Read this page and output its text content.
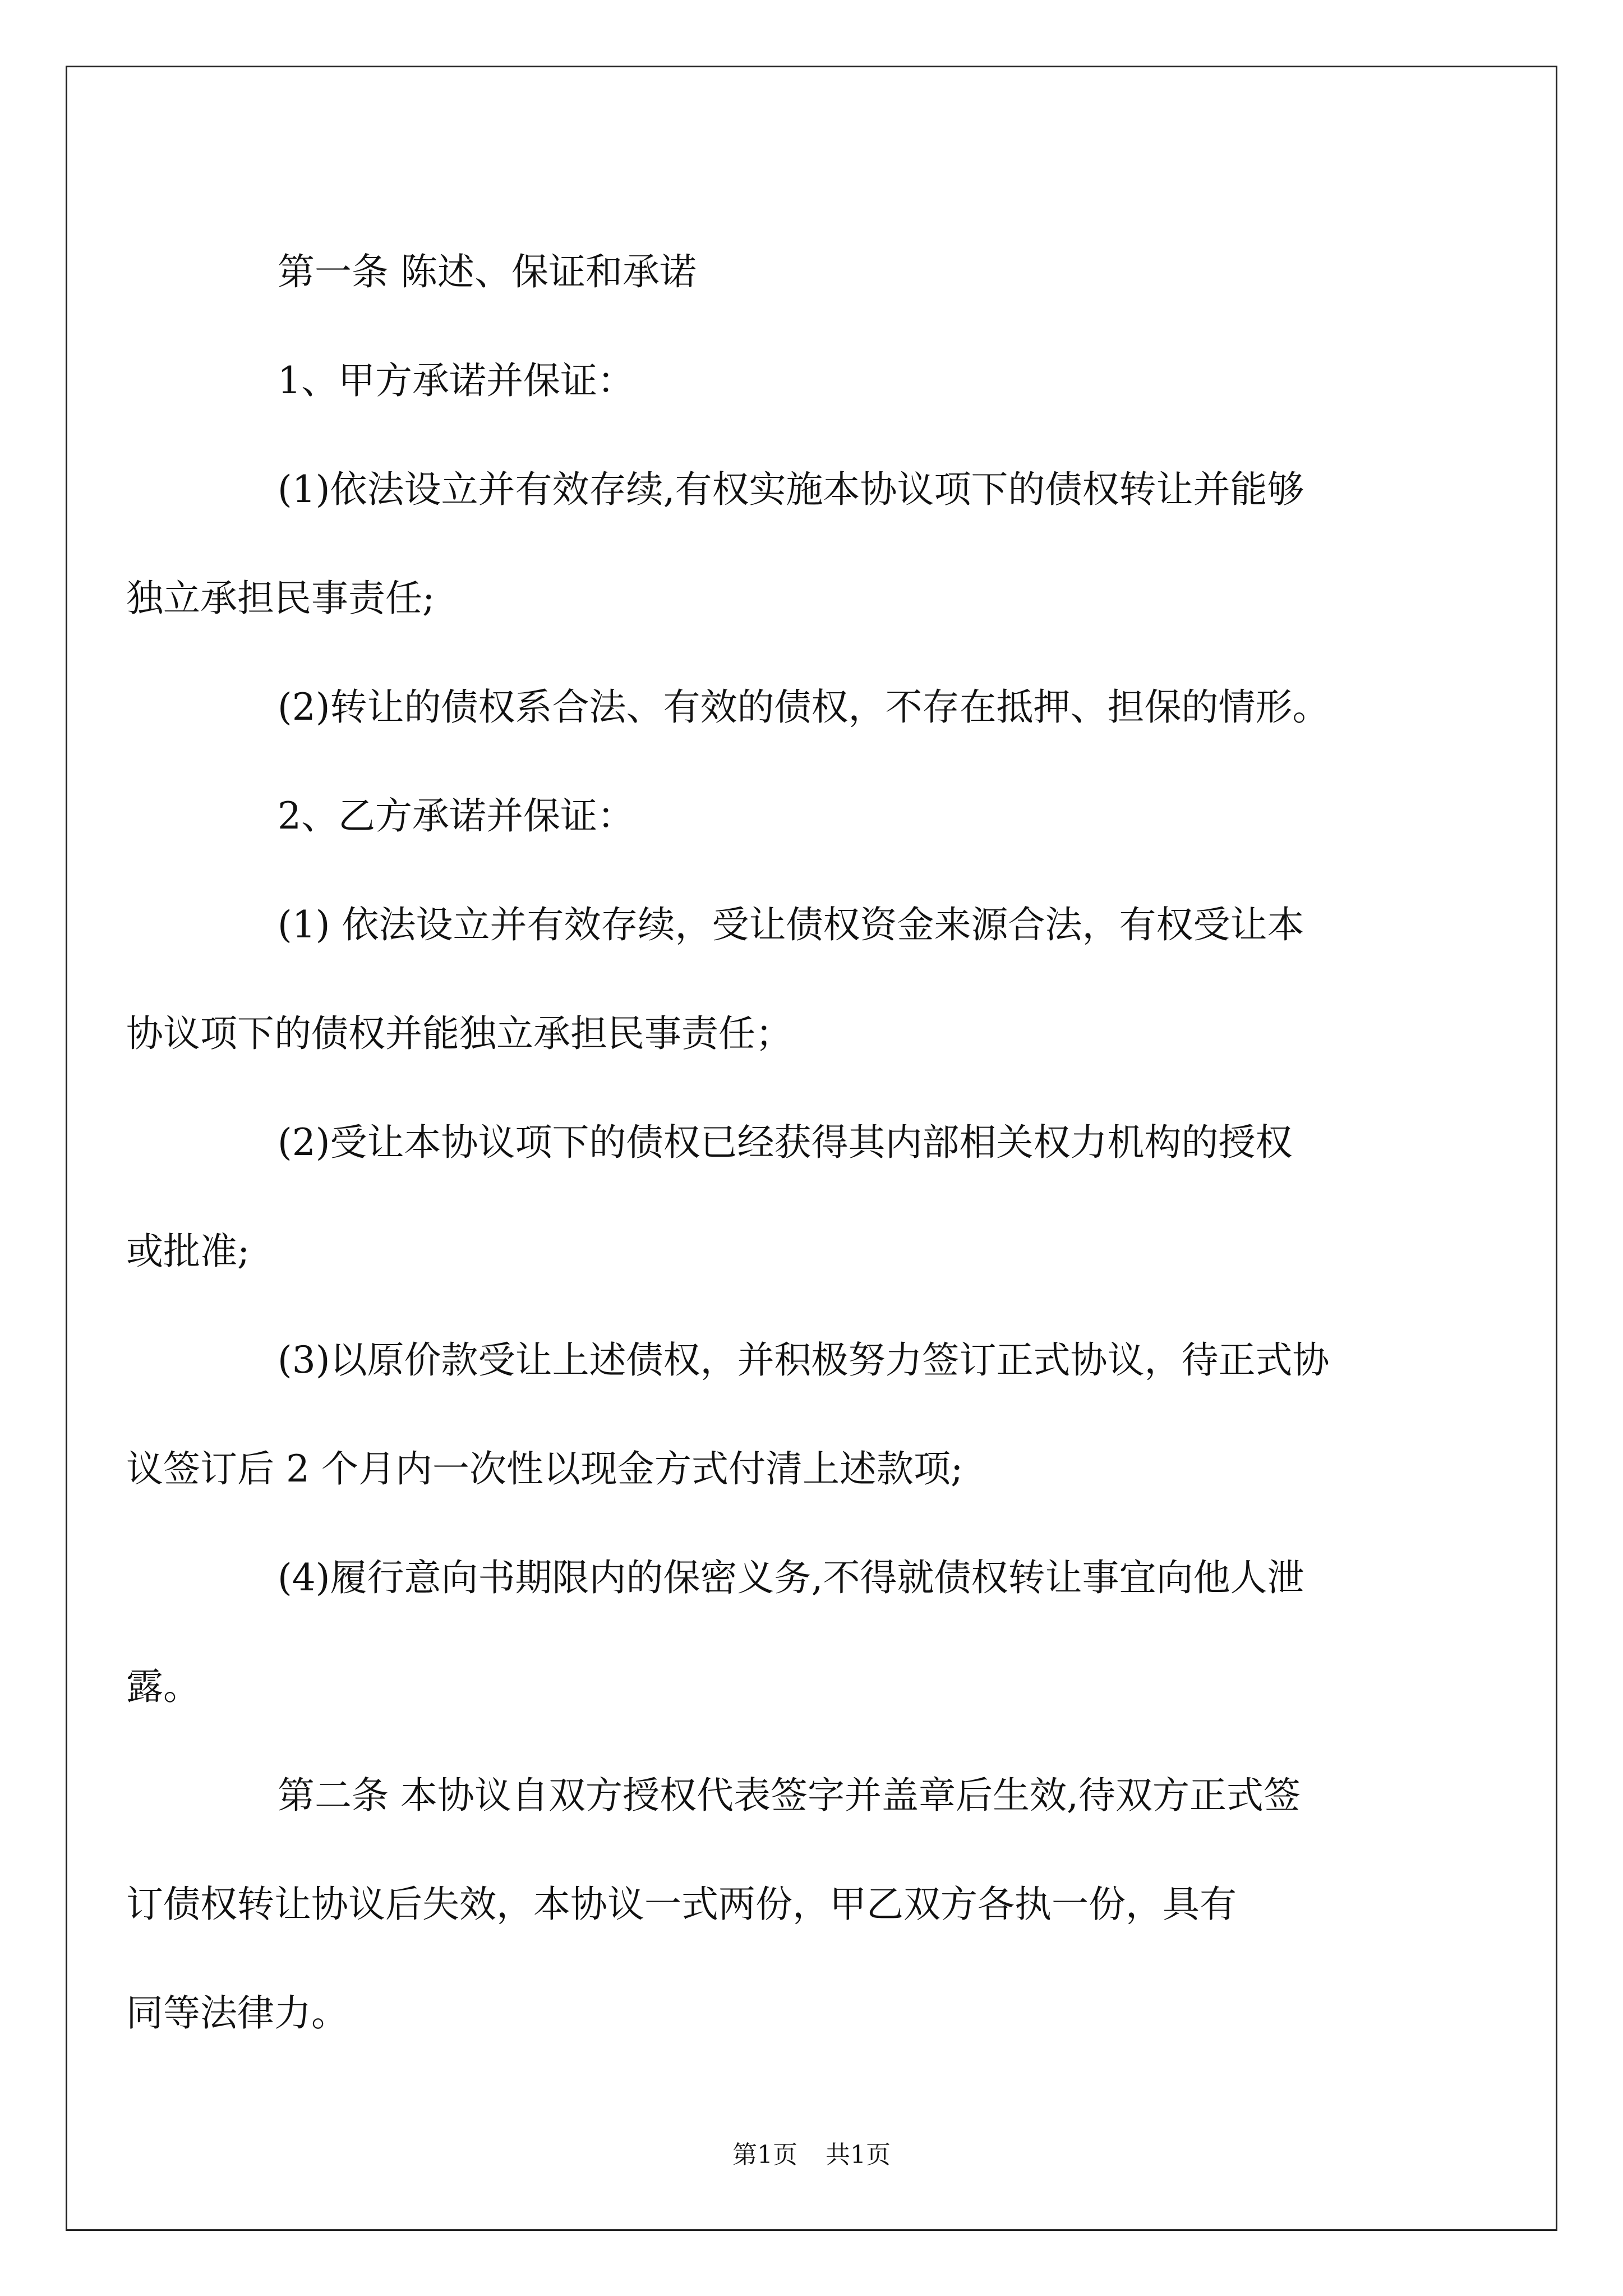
第一条 陈述、保证和承诺

1、甲方承诺并保证：

(1)依法设立并有效存续,有权实施本协议项下的债权转让并能够
独立承担民事责任;

(2)转让的债权系合法、有效的债权，不存在抵押、担保的情形。

2、乙方承诺并保证：

(1) 依法设立并有效存续，受让债权资金来源合法，有权受让本
协议项下的债权并能独立承担民事责任；

(2)受让本协议项下的债权已经获得其内部相关权力机构的授权
或批准;

(3)以原价款受让上述债权，并积极努力签订正式协议，待正式协
议签订后 2 个月内一次性以现金方式付清上述款项;

(4)履行意向书期限内的保密义务,不得就债权转让事宜向他人泄
露。

第二条 本协议自双方授权代表签字并盖章后生效,待双方正式签
订债权转让协议后失效，本协议一式两份，甲乙双方各执一份，具有
同等法律力。

第1页 共1页
